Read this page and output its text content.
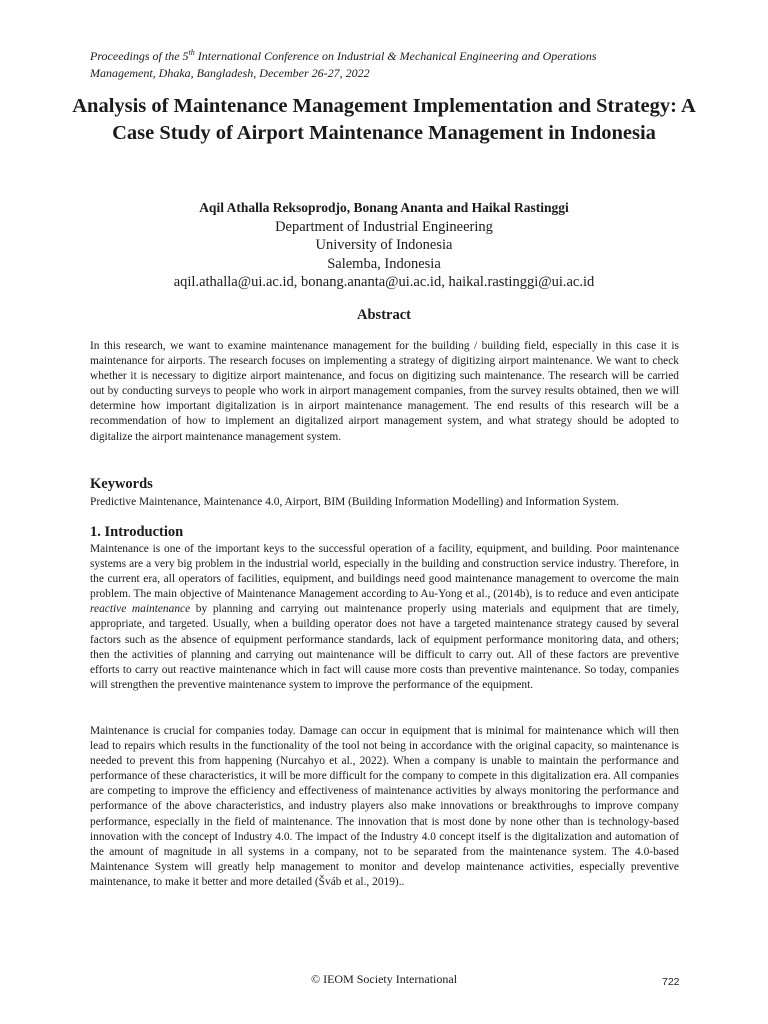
Proceedings of the 5th International Conference on Industrial & Mechanical Engineering and Operations
Management, Dhaka, Bangladesh, December 26-27, 2022
Analysis of Maintenance Management Implementation and Strategy: A Case Study of Airport Maintenance Management in Indonesia
Aqil Athalla Reksoprodjo, Bonang Ananta and Haikal Rastinggi
Department of Industrial Engineering
University of Indonesia
Salemba, Indonesia
aqil.athalla@ui.ac.id, bonang.ananta@ui.ac.id, haikal.rastinggi@ui.ac.id
Abstract
In this research, we want to examine maintenance management for the building / building field, especially in this case it is maintenance for airports. The research focuses on implementing a strategy of digitizing airport maintenance. We want to check whether it is necessary to digitize airport maintenance, and focus on digitizing such maintenance. The research will be carried out by conducting surveys to people who work in airport management companies, from the survey results obtained, then we will determine how important digitalization is in airport maintenance management. The end results of this research will be a recommendation of how to implement an digitalized airport management system, and what strategy should be adopted to digitalize the airport maintenance management system.
Keywords
Predictive Maintenance, Maintenance 4.0, Airport, BIM (Building Information Modelling) and Information System.
1. Introduction
Maintenance is one of the important keys to the successful operation of a facility, equipment, and building. Poor maintenance systems are a very big problem in the industrial world, especially in the building and construction service industry. Therefore, in the current era, all operators of facilities, equipment, and buildings need good maintenance management to overcome the main problem. The main objective of Maintenance Management according to Au-Yong et al., (2014b), is to reduce and even anticipate reactive maintenance by planning and carrying out maintenance properly using materials and equipment that are timely, appropriate, and targeted. Usually, when a building operator does not have a targeted maintenance strategy caused by several factors such as the absence of equipment performance standards, lack of equipment performance monitoring data, and others; then the activities of planning and carrying out maintenance will be difficult to carry out. All of these factors are preventive efforts to carry out reactive maintenance which in fact will cause more costs than preventive maintenance. So today, companies will strengthen the preventive maintenance system to improve the performance of the equipment.
Maintenance is crucial for companies today. Damage can occur in equipment that is minimal for maintenance which will then lead to repairs which results in the functionality of the tool not being in accordance with the original capacity, so maintenance is needed to prevent this from happening (Nurcahyo et al., 2022). When a company is unable to maintain the performance and performance of these characteristics, it will be more difficult for the company to compete in this digitalization era. All companies are competing to improve the efficiency and effectiveness of maintenance activities by always monitoring the performance and performance of the above characteristics, and industry players also make innovations or breakthroughs to improve company performance, especially in the field of maintenance. The innovation that is most done by none other than is technology-based innovation with the concept of Industry 4.0. The impact of the Industry 4.0 concept itself is the digitalization and automation of the amount of magnitude in all systems in a company, not to be separated from the maintenance system. The 4.0-based Maintenance System will greatly help management to monitor and develop maintenance activities, especially preventive maintenance, to make it better and more detailed (Šváb et al., 2019)..
© IEOM Society International	722
